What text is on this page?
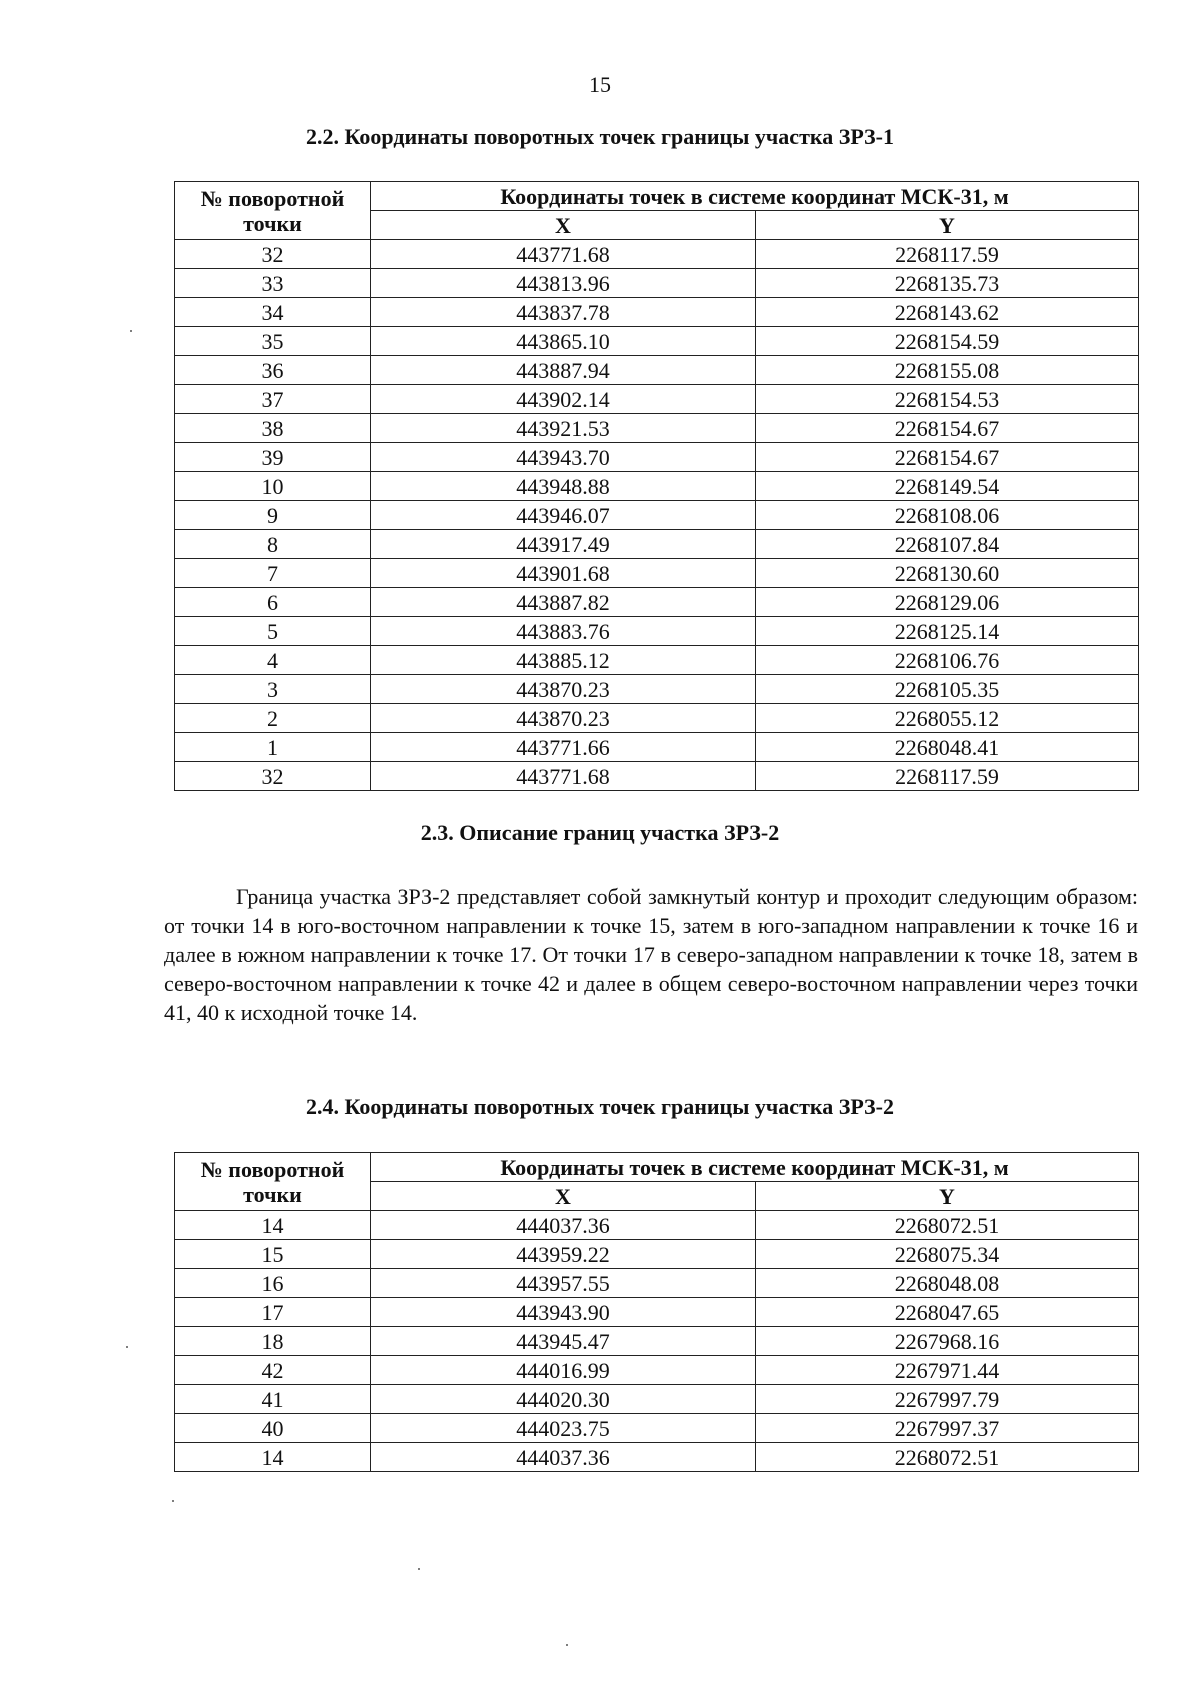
15
2.2. Координаты поворотных точек границы участка ЗРЗ-1
№ поворотной точки	Координаты точек в системе координат МСК-31, м	
	X	Y
32	443771.68	2268117.59
33	443813.96	2268135.73
34	443837.78	2268143.62
35	443865.10	2268154.59
36	443887.94	2268155.08
37	443902.14	2268154.53
38	443921.53	2268154.67
39	443943.70	2268154.67
10	443948.88	2268149.54
9	443946.07	2268108.06
8	443917.49	2268107.84
7	443901.68	2268130.60
6	443887.82	2268129.06
5	443883.76	2268125.14
4	443885.12	2268106.76
3	443870.23	2268105.35
2	443870.23	2268055.12
1	443771.66	2268048.41
32	443771.68	2268117.59
2.3. Описание границ участка ЗРЗ-2
Граница участка ЗРЗ-2 представляет собой замкнутый контур и проходит следующим образом: от точки 14 в юго-восточном направлении к точке 15, затем в юго-западном направлении к точке 16 и далее в южном направлении к точке 17. От точки 17 в северо-западном направлении к точке 18, затем в северо-восточном направлении к точке 42 и далее в общем северо-восточном направлении через точки 41, 40 к исходной точке 14.
2.4. Координаты поворотных точек границы участка ЗРЗ-2
№ поворотной точки	Координаты точек в системе координат МСК-31, м	
	X	Y
14	444037.36	2268072.51
15	443959.22	2268075.34
16	443957.55	2268048.08
17	443943.90	2268047.65
18	443945.47	2267968.16
42	444016.99	2267971.44
41	444020.30	2267997.79
40	444023.75	2267997.37
14	444037.36	2268072.51
